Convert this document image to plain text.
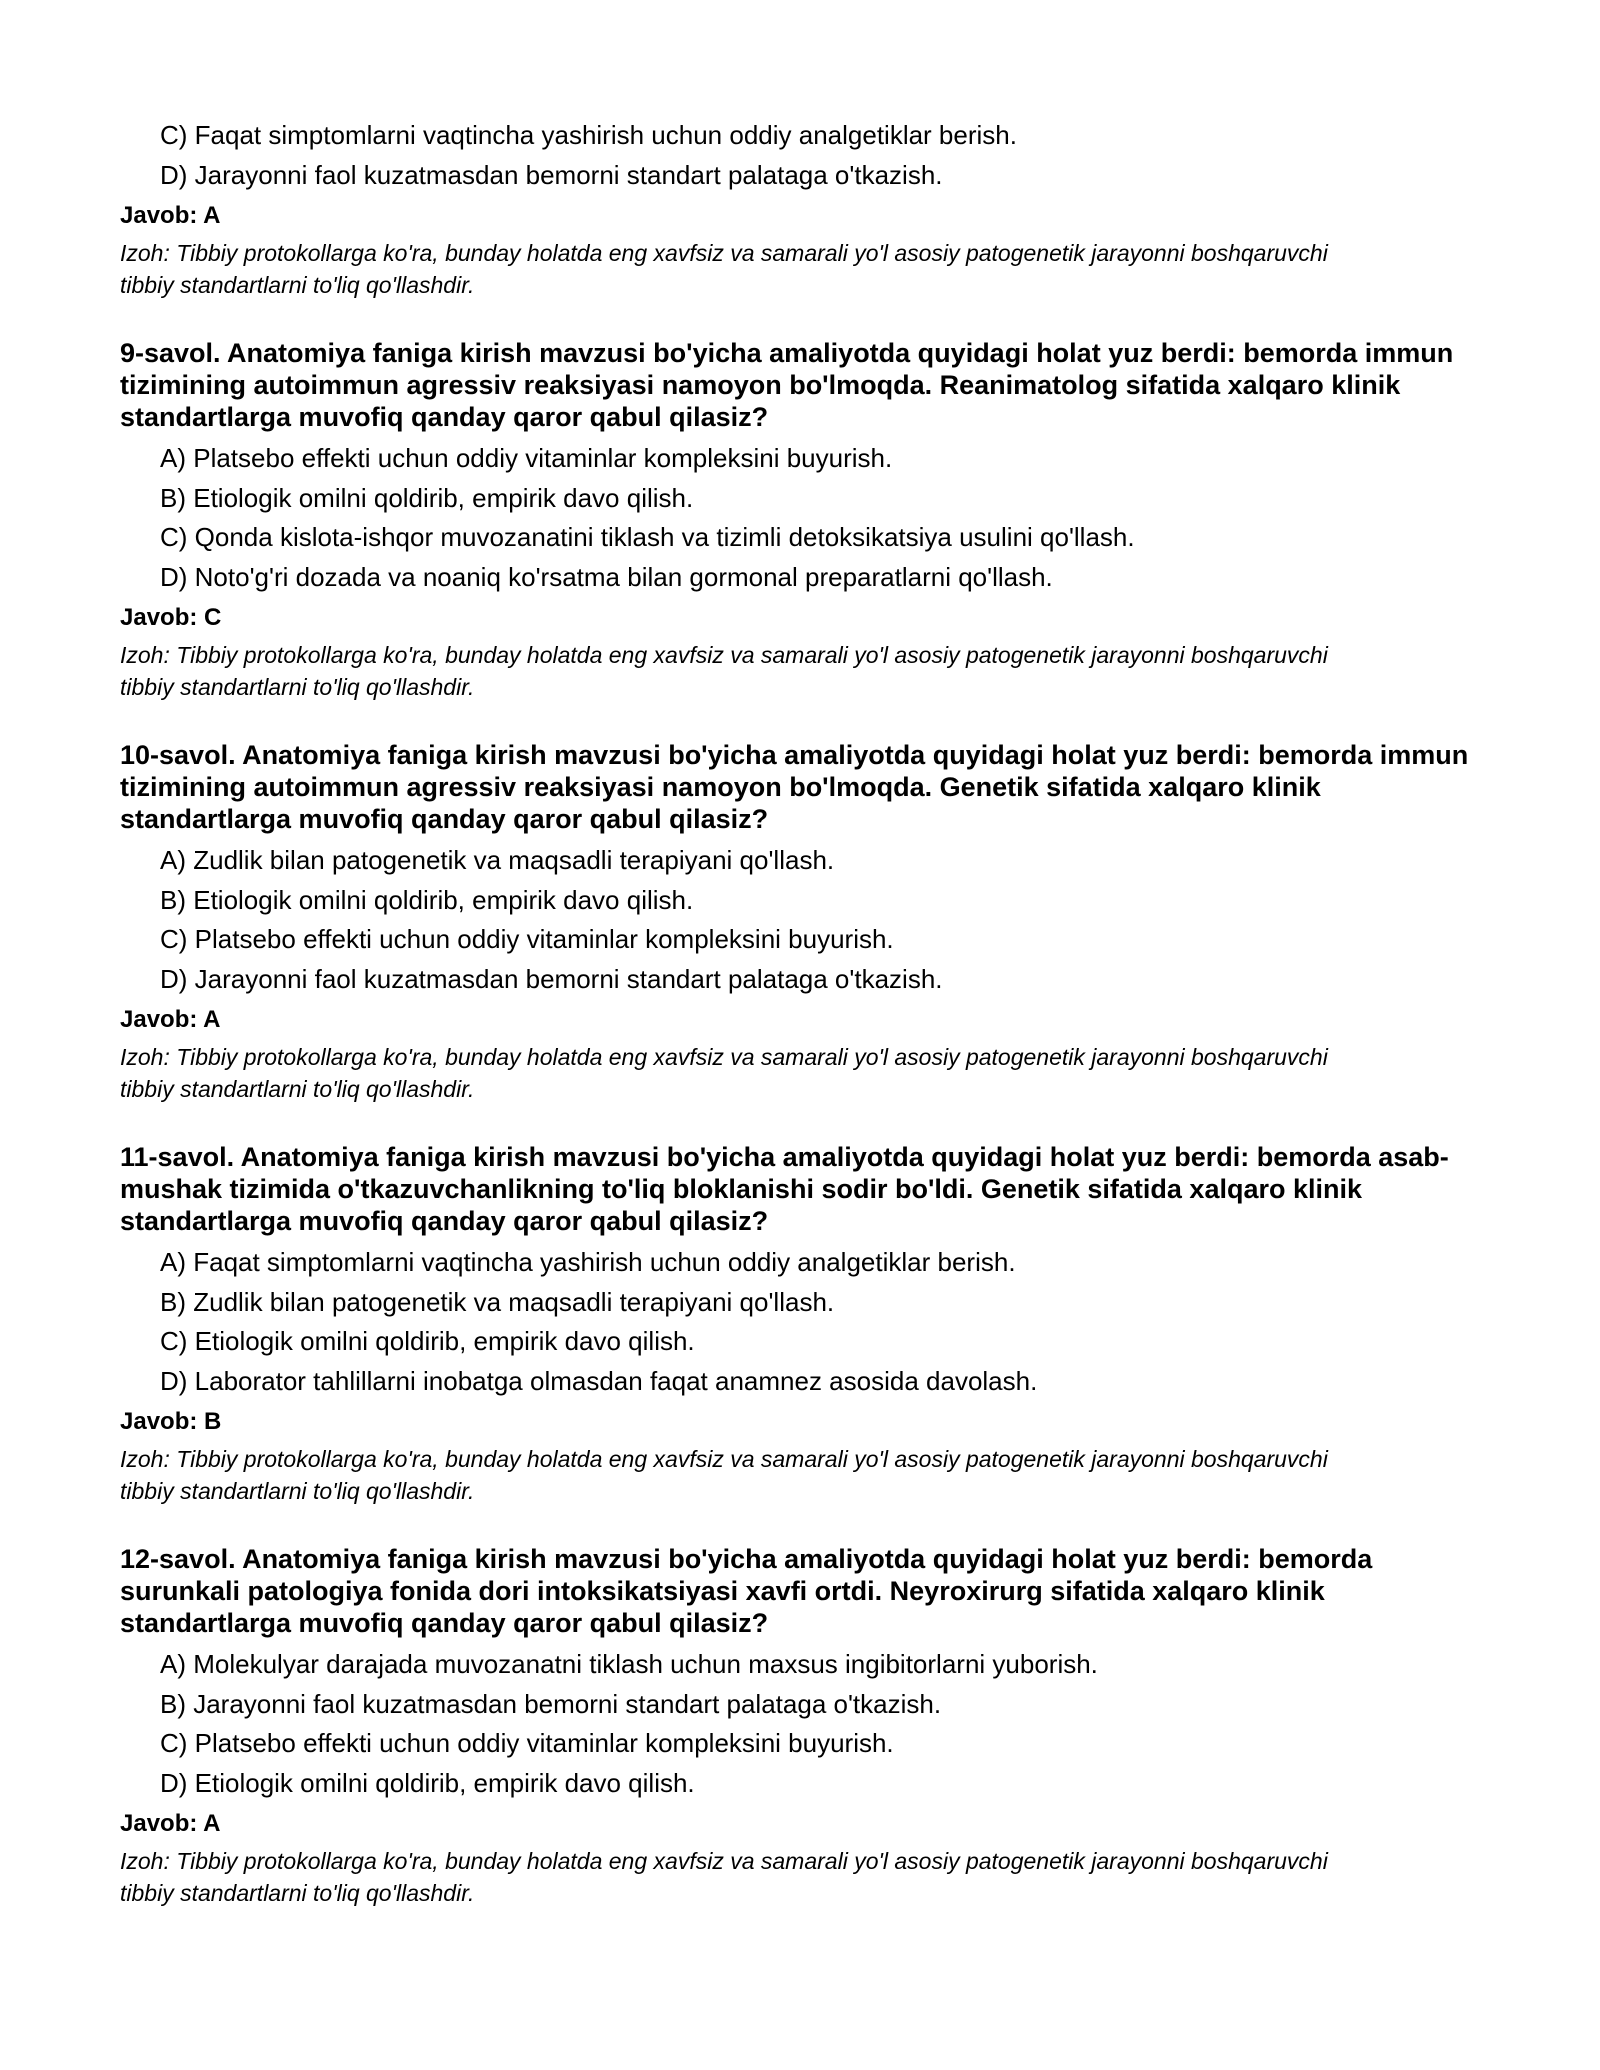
C) Faqat simptomlarni vaqtincha yashirish uchun oddiy analgetiklar berish.
D) Jarayonni faol kuzatmasdan bemorni standart palataga o'tkazish.
Javob: A
Izoh: Tibbiy protokollarga ko'ra, bunday holatda eng xavfsiz va samarali yo'l asosiy patogenetik jarayonni boshqaruvchi tibbiy standartlarni to'liq qo'llashdir.
9-savol. Anatomiya faniga kirish mavzusi bo'yicha amaliyotda quyidagi holat yuz berdi: bemorda immun tizimining autoimmun agressiv reaksiyasi namoyon bo'lmoqda. Reanimatolog sifatida xalqaro klinik standartlarga muvofiq qanday qaror qabul qilasiz?
A) Platsebo effekti uchun oddiy vitaminlar kompleksini buyurish.
B) Etiologik omilni qoldirib, empirik davo qilish.
C) Qonda kislota-ishqor muvozanatini tiklash va tizimli detoksikatsiya usulini qo'llash.
D) Noto'g'ri dozada va noaniq ko'rsatma bilan gormonal preparatlarni qo'llash.
Javob: C
Izoh: Tibbiy protokollarga ko'ra, bunday holatda eng xavfsiz va samarali yo'l asosiy patogenetik jarayonni boshqaruvchi tibbiy standartlarni to'liq qo'llashdir.
10-savol. Anatomiya faniga kirish mavzusi bo'yicha amaliyotda quyidagi holat yuz berdi: bemorda immun tizimining autoimmun agressiv reaksiyasi namoyon bo'lmoqda. Genetik sifatida xalqaro klinik standartlarga muvofiq qanday qaror qabul qilasiz?
A) Zudlik bilan patogenetik va maqsadli terapiyani qo'llash.
B) Etiologik omilni qoldirib, empirik davo qilish.
C) Platsebo effekti uchun oddiy vitaminlar kompleksini buyurish.
D) Jarayonni faol kuzatmasdan bemorni standart palataga o'tkazish.
Javob: A
Izoh: Tibbiy protokollarga ko'ra, bunday holatda eng xavfsiz va samarali yo'l asosiy patogenetik jarayonni boshqaruvchi tibbiy standartlarni to'liq qo'llashdir.
11-savol. Anatomiya faniga kirish mavzusi bo'yicha amaliyotda quyidagi holat yuz berdi: bemorda asab-mushak tizimida o'tkazuvchanlikning to'liq bloklanishi sodir bo'ldi. Genetik sifatida xalqaro klinik standartlarga muvofiq qanday qaror qabul qilasiz?
A) Faqat simptomlarni vaqtincha yashirish uchun oddiy analgetiklar berish.
B) Zudlik bilan patogenetik va maqsadli terapiyani qo'llash.
C) Etiologik omilni qoldirib, empirik davo qilish.
D) Laborator tahlillarni inobatga olmasdan faqat anamnez asosida davolash.
Javob: B
Izoh: Tibbiy protokollarga ko'ra, bunday holatda eng xavfsiz va samarali yo'l asosiy patogenetik jarayonni boshqaruvchi tibbiy standartlarni to'liq qo'llashdir.
12-savol. Anatomiya faniga kirish mavzusi bo'yicha amaliyotda quyidagi holat yuz berdi: bemorda surunkali patologiya fonida dori intoksikatsiyasi xavfi ortdi. Neyroxirurg sifatida xalqaro klinik standartlarga muvofiq qanday qaror qabul qilasiz?
A) Molekulyar darajada muvozanatni tiklash uchun maxsus ingibitorlarni yuborish.
B) Jarayonni faol kuzatmasdan bemorni standart palataga o'tkazish.
C) Platsebo effekti uchun oddiy vitaminlar kompleksini buyurish.
D) Etiologik omilni qoldirib, empirik davo qilish.
Javob: A
Izoh: Tibbiy protokollarga ko'ra, bunday holatda eng xavfsiz va samarali yo'l asosiy patogenetik jarayonni boshqaruvchi tibbiy standartlarni to'liq qo'llashdir.
